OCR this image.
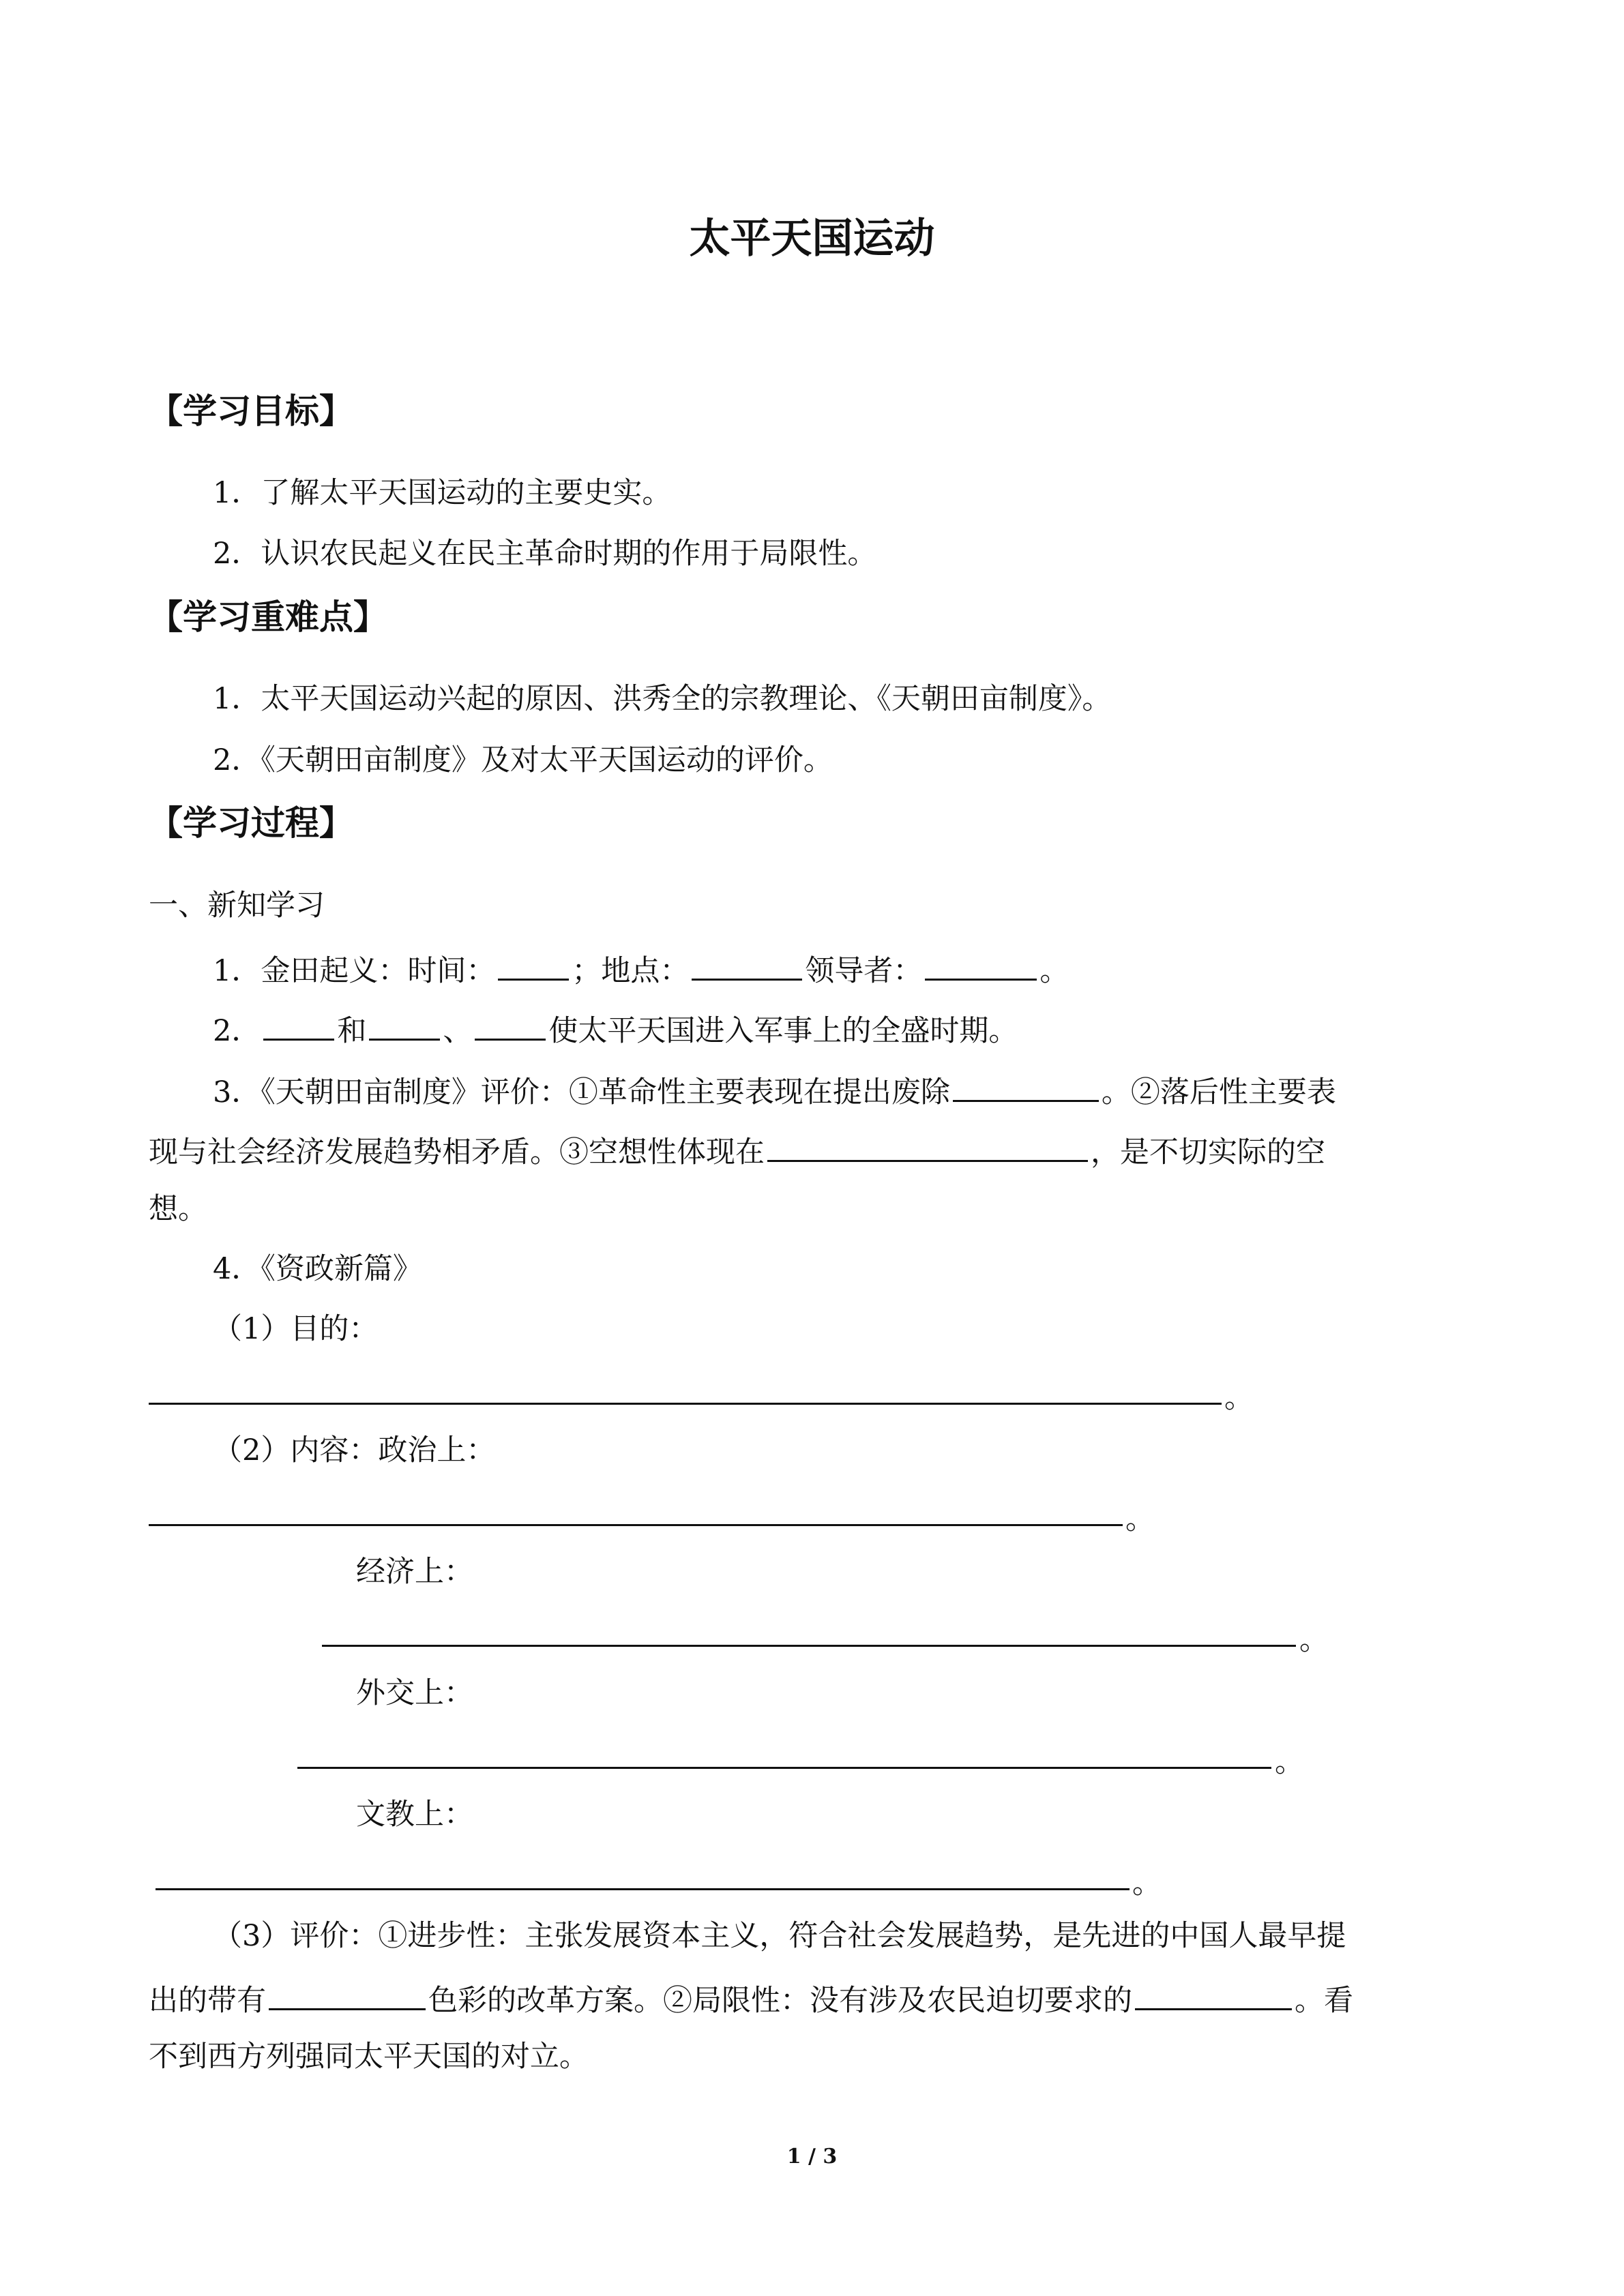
太平天国运动
【学习目标】
1．了解太平天国运动的主要史实。
2．认识农民起义在民主革命时期的作用于局限性。
【学习重难点】
1．太平天国运动兴起的原因、洪秀全的宗教理论、《天朝田亩制度》。
2．《天朝田亩制度》及对太平天国运动的评价。
【学习过程】
一、新知学习
1．金田起义：时间：	；地点：	领导者：	。
2．	和	、	使太平天国进入军事上的全盛时期。
3．《天朝田亩制度》评价：①革命性主要表现在提出废除	。②落后性主要表
现与社会经济发展趋势相矛盾。③空想性体现在	，是不切实际的空
想。
4．《资政新篇》
（1）目的：
。
（2）内容：政治上：
。
经济上：
。
外交上：
。
文教上：
。
（3）评价：①进步性：主张发展资本主义，符合社会发展趋势，是先进的中国人最早提
出的带有	色彩的改革方案。②局限性：没有涉及农民迫切要求的	。看
不到西方列强同太平天国的对立。
1 / 3
